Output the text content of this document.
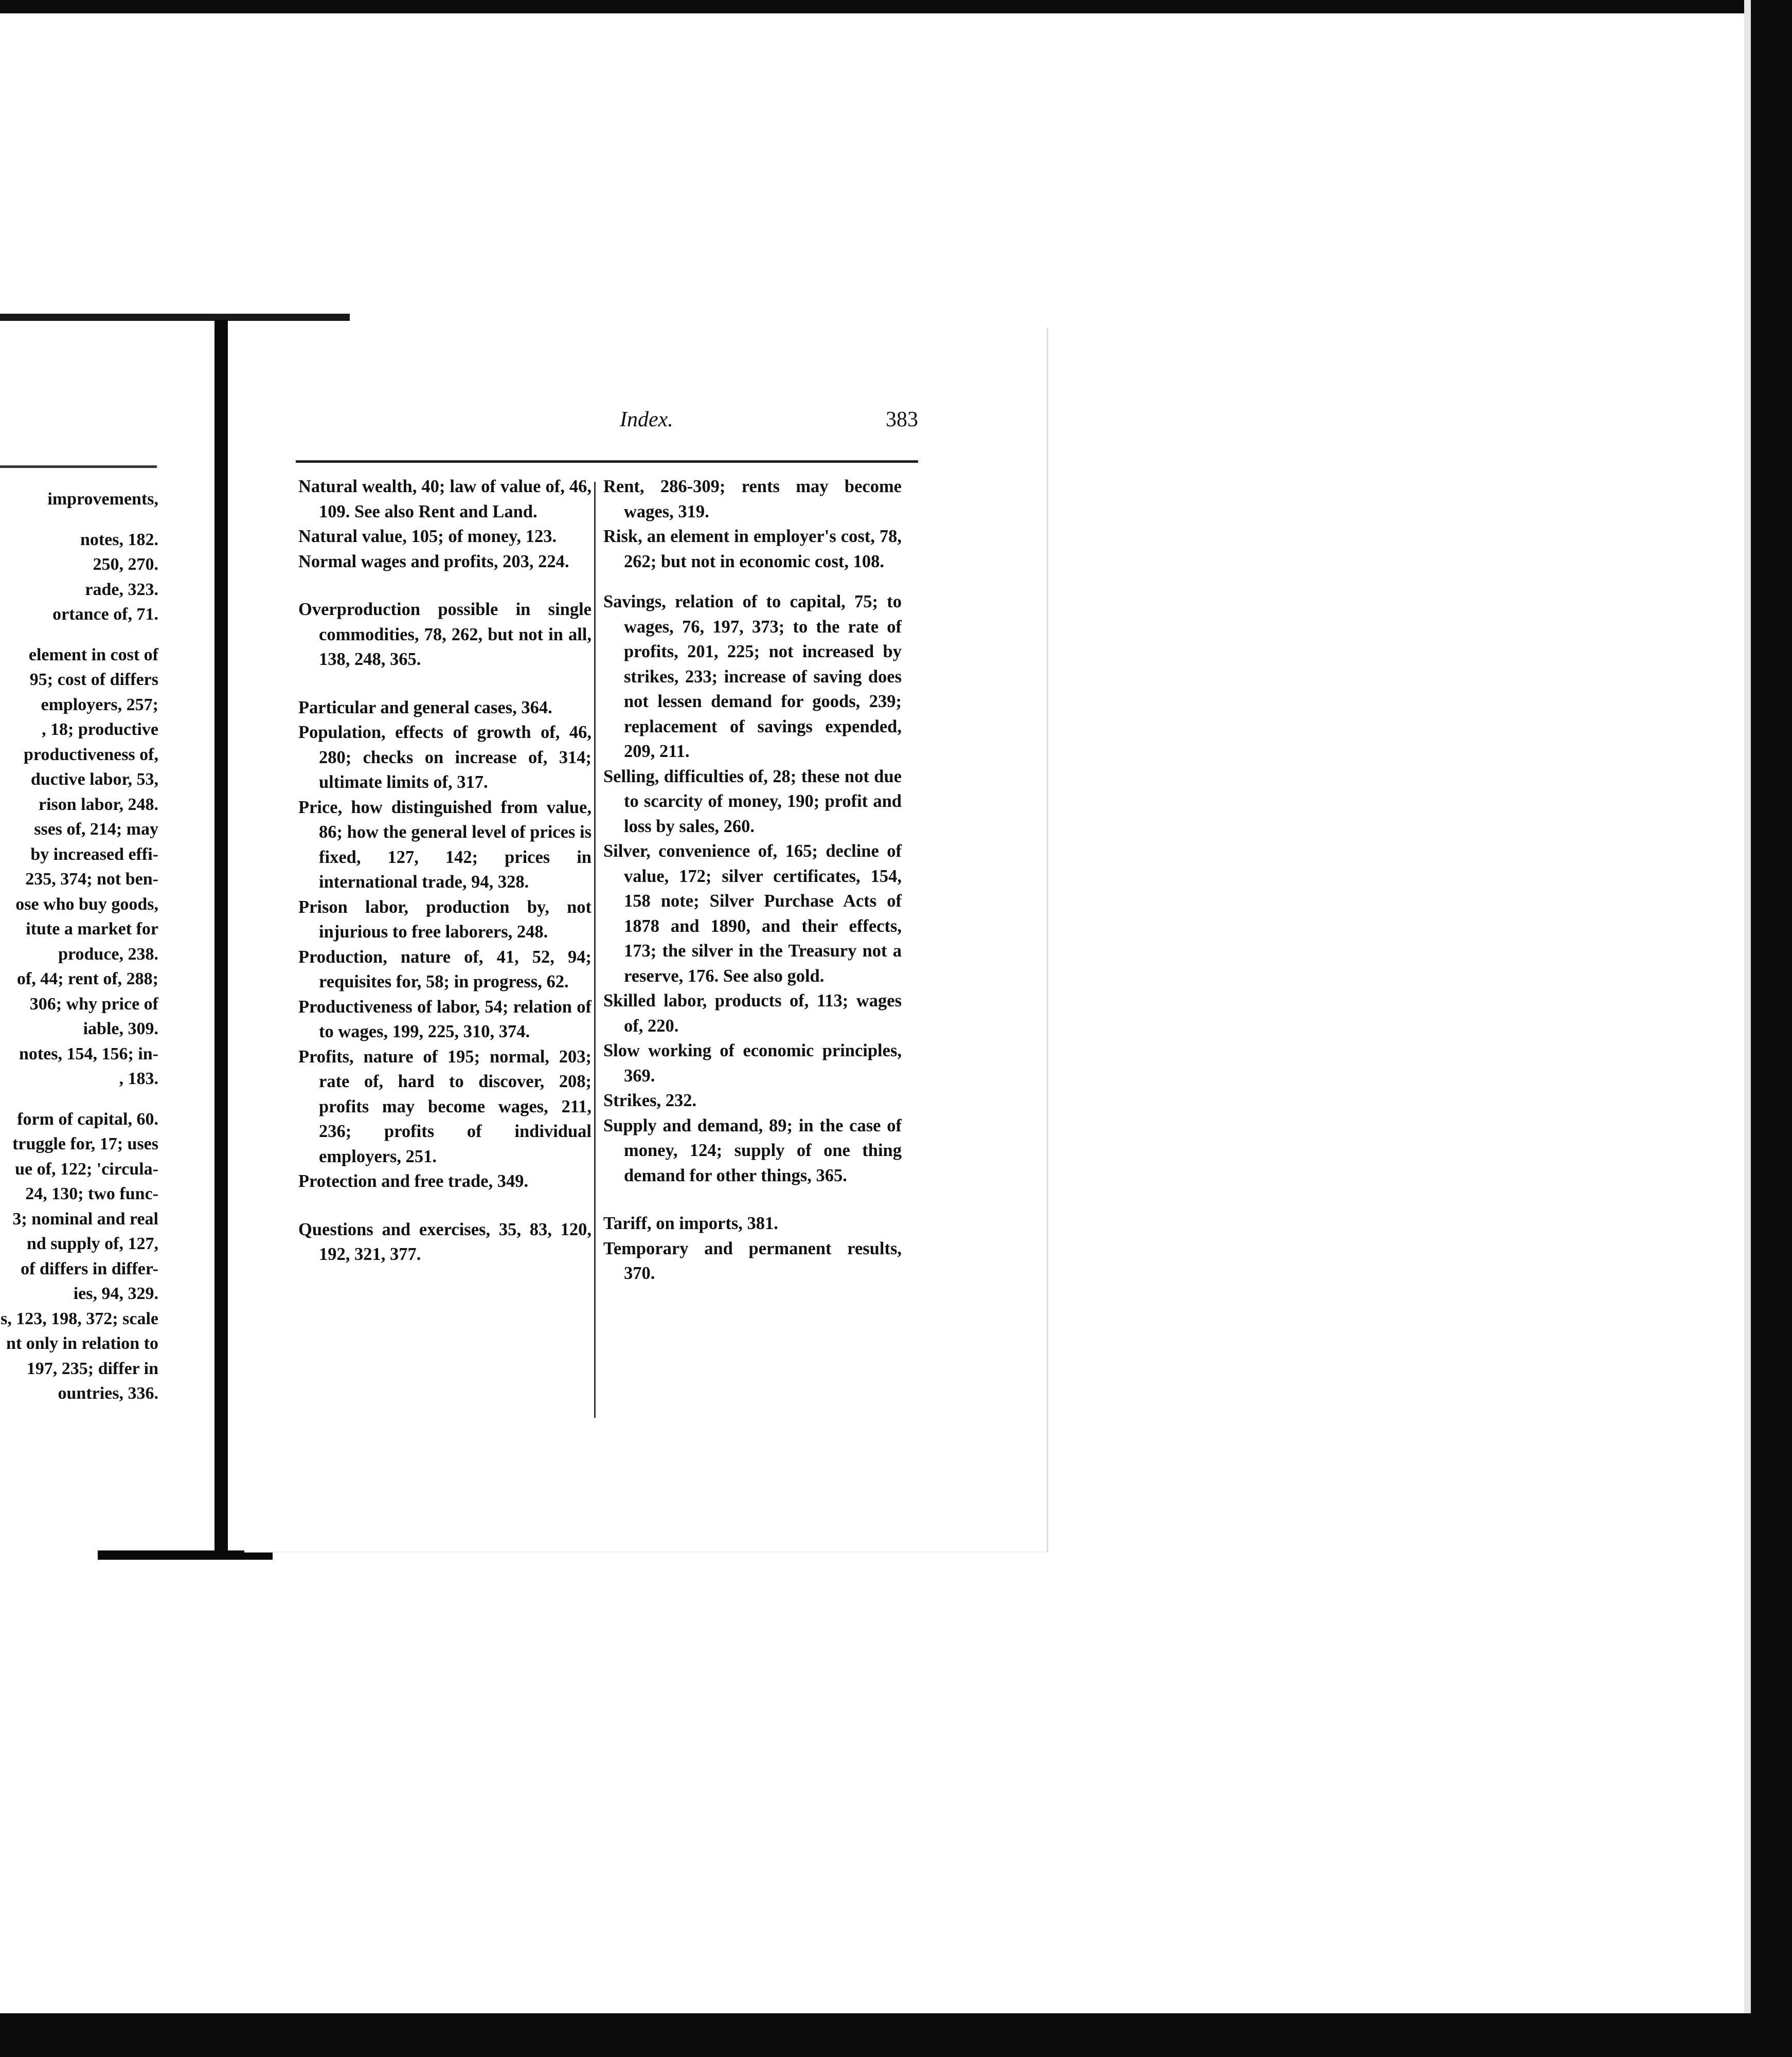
improvements,
notes, 182.
250, 270.
rade, 323.
ortance of, 71.
element in cost of
95; cost of differs
employers, 257;
, 18; productive
productiveness of,
ductive labor, 53,
rison labor, 248.
sses of, 214; may
by increased effi-
235, 374; not ben-
ose who buy goods,
itute a market for
produce, 238.
of, 44; rent of, 288;
306; why price of
iable, 309.
notes, 154, 156; in-
, 183.
form of capital, 60.
truggle for, 17; uses
ue of, 122; 'circula-
24, 130; two func-
3; nominal and real
nd supply of, 127,
of differs in differ-
ies, 94, 329.
s, 123, 198, 372; scale
nt only in relation to
197, 235; differ in
ountries, 336.
Index.	383
Natural wealth, 40; law of value of, 46, 109. See also Rent and Land.
Natural value, 105; of money, 123.
Normal wages and profits, 203, 224.
Overproduction possible in single commodities, 78, 262, but not in all, 138, 248, 365.
Particular and general cases, 364.
Population, effects of growth of, 46, 280; checks on increase of, 314; ultimate limits of, 317.
Price, how distinguished from value, 86; how the general level of prices is fixed, 127, 142; prices in international trade, 94, 328.
Prison labor, production by, not injurious to free laborers, 248.
Production, nature of, 41, 52, 94; requisites for, 58; in progress, 62.
Productiveness of labor, 54; relation of to wages, 199, 225, 310, 374.
Profits, nature of 195; normal, 203; rate of, hard to discover, 208; profits may become wages, 211, 236; profits of individual employers, 251.
Protection and free trade, 349.
Questions and exercises, 35, 83, 120, 192, 321, 377.
Rent, 286-309; rents may become wages, 319.
Risk, an element in employer's cost, 78, 262; but not in economic cost, 108.
Savings, relation of to capital, 75; to wages, 76, 197, 373; to the rate of profits, 201, 225; not increased by strikes, 233; increase of saving does not lessen demand for goods, 239; replacement of savings expended, 209, 211.
Selling, difficulties of, 28; these not due to scarcity of money, 190; profit and loss by sales, 260.
Silver, convenience of, 165; decline of value, 172; silver certificates, 154, 158 note; Silver Purchase Acts of 1878 and 1890, and their effects, 173; the silver in the Treasury not a reserve, 176. See also gold.
Skilled labor, products of, 113; wages of, 220.
Slow working of economic principles, 369.
Strikes, 232.
Supply and demand, 89; in the case of money, 124; supply of one thing demand for other things, 365.
Tariff, on imports, 381.
Temporary and permanent results, 370.
